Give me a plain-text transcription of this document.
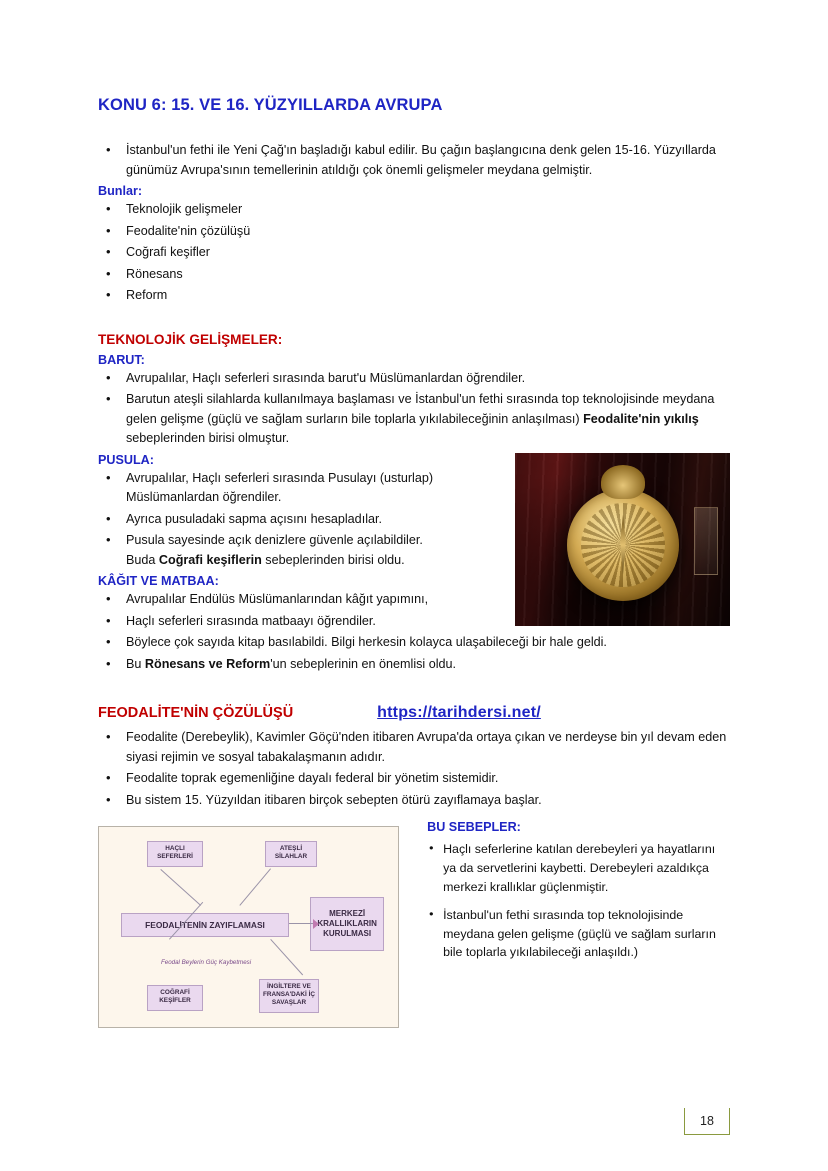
KONU 6: 15. VE 16. YÜZYILLARDA AVRUPA
• İstanbul'un fethi ile Yeni Çağ'ın başladığı kabul edilir. Bu çağın başlangıcına denk gelen 15-16. Yüzyıllarda günümüz Avrupa'sının temellerinin atıldığı çok önemli gelişmeler meydana gelmiştir.
Bunlar:
• Teknolojik gelişmeler
• Feodalite'nin çözülüşü
• Coğrafi keşifler
• Rönesans
• Reform
TEKNOLOJİK GELİŞMELER:
BARUT:
• Avrupalılar, Haçlı seferleri sırasında barut'u Müslümanlardan öğrendiler.
• Barutun ateşli silahlarda kullanılmaya başlaması ve İstanbul'un fethi sırasında top teknolojisinde meydana gelen gelişme (güçlü ve sağlam surların bile toplarla yıkılabileceğinin anlaşılması) Feodalite'nin yıkılış sebeplerinden birisi olmuştur.
PUSULA:
• Avrupalılar, Haçlı seferleri sırasında Pusulayı (usturlap) Müslümanlardan öğrendiler.
• Ayrıca pusuladaki sapma açısını hesapladılar.
• Pusula sayesinde açık denizlere güvenle açılabildiler.
Buda Coğrafi keşiflerin sebeplerinden birisi oldu.
KÂĞIT VE MATBAA:
• Avrupalılar Endülüs Müslümanlarından kâğıt yapımını,
• Haçlı seferleri sırasında matbaayı öğrendiler.
• Böylece çok sayıda kitap basılabildi. Bilgi herkesin kolayca ulaşabileceği bir hale geldi.
• Bu Rönesans ve Reform'un sebeplerinin en önemlisi oldu.
FEODALİTE'NİN ÇÖZÜLÜŞÜ	https://tarihdersi.net/
• Feodalite (Derebeylik), Kavimler Göçü'nden itibaren Avrupa'da ortaya çıkan ve nerdeyse bin yıl devam eden siyasi rejimin ve sosyal tabakalaşmanın adıdır.
• Feodalite toprak egemenliğine dayalı federal bir yönetim sistemidir.
• Bu sistem 15. Yüzyıldan itibaren birçok sebepten ötürü zayıflamaya başlar.
HAÇLI SEFERLERİ
ATEŞLİ SİLAHLAR
FEODALİTENİN ZAYIFLAMASI
MERKEZİ KRALLIKLARIN KURULMASI
COĞRAFİ KEŞİFLER
İNGİLTERE VE FRANSA'DAKİ İÇ SAVAŞLAR
Feodal Beylerin Güç Kaybetmesi
BU SEBEPLER:

• Haçlı seferlerine katılan derebeyleri ya hayatlarını ya da servetlerini kaybetti. Derebeyleri azaldıkça merkezi krallıklar güçlenmiştir.

• İstanbul'un fethi sırasında top teknolojisinde meydana gelen gelişme (güçlü ve sağlam surların bile toplarla yıkılabileceği anlaşıldı.)

18
